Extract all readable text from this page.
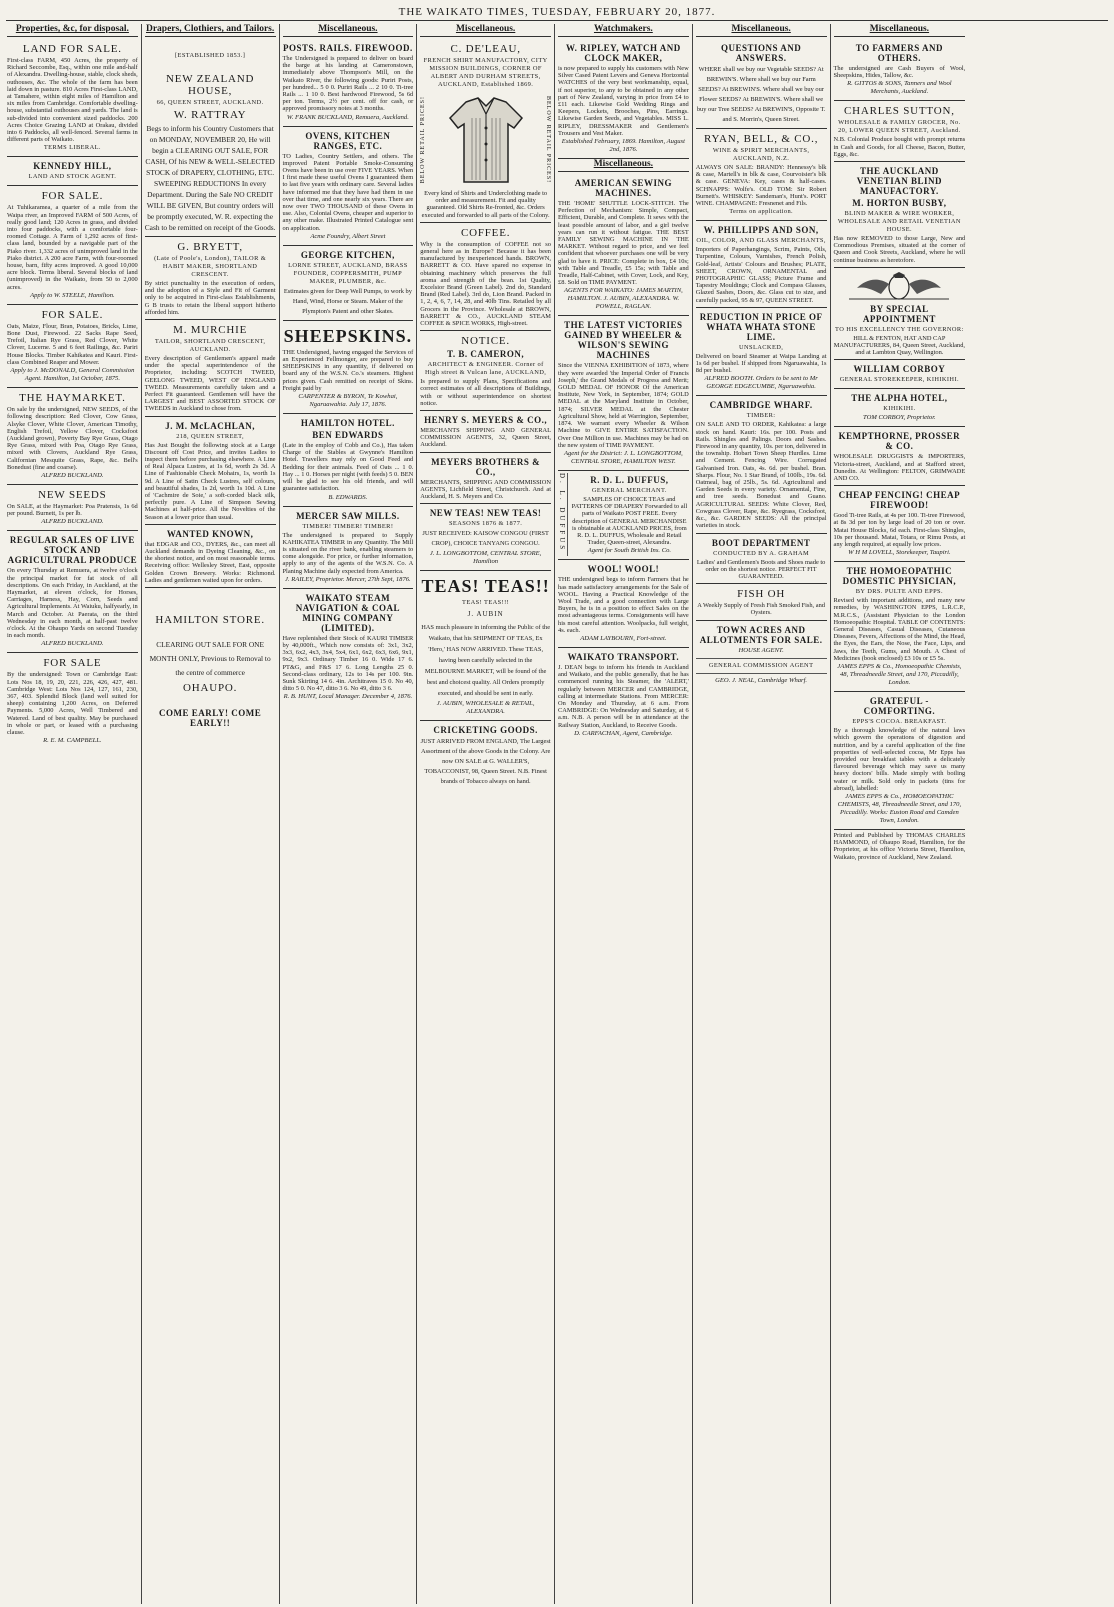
THE WAIKATO TIMES, TUESDAY, FEBRUARY 20, 1877.
Properties, &c, for disposal.
LAND FOR SALE.

First-class FARM, 450 Acres, the property of Richard Seccombe, Esq., within one mile and-half of Alexandra. Dwelling-house, stable, clock sheds, outhouses, &c. The whole of the farm has been laid down in pasture. 810 Acres First-class LAND, at Tamahere, within eight miles of Hamilton and six miles from Cambridge. Comfortable dwelling-house, substantial outhouses and yards. The land is sub-divided into convenient sized paddocks. 200 Acres Choice Grazing LAND at Orakau, divided into 6 Paddocks, all well-fenced. Several farms in different parts of Waikato.

TERMS LIBERAL.
KENNEDY HILL,
LAND AND STOCK AGENT.
FOR SALE.

At Tuhikaramea, a quarter of a mile from the Waipa river, an Improved FARM of 500 Acres, of really good land; 120 Acres in grass, and divided into four paddocks, with a comfortable four-roomed Cottage. A Farm of 1,292 acres of first-class land, bounded by a navigable part of the Piako river. 1,332 acres of unimproved land in the Piako district. A 200 acre Farm, with four-roomed house, barn, fifty acres improved. A good 10,000 acre block. Terms liberal. Several blocks of land (unimproved) in the Waikato, from 50 to 2,000 acres.

Apply to W. STEELE, Hamilton.
FOR SALE.

Oats, Maize, Flour, Bran, Potatoes, Bricks, Lime, Bone Dust, Firewood. 22 Sacks Rape Seed, Trefoil, Italian Rye Grass, Red Clover, White Clover, Lucerne. 5 and 6 feet Railings, &c. Pariri House Blocks. Timber Kahikatea and Kauri. First-class Combined Reaper and Mower.

Apply to J. McDONALD, General Commission Agent. Hamilton, 1st October, 1875.
THE HAYMARKET.

On sale by the undersigned, NEW SEEDS, of the following description: Red Clover, Cow Grass, Alsyke Clover, White Clover, American Timothy, English Trefoil, Yellow Clover, Cocksfoot (Auckland grown), Poverty Bay Rye Grass, Otago Rye Grass, mixed with Poa, Otago Rye Grass, mixed with Clovers, Auckland Rye Grass, Californian Mesquite Grass, Rape, &c. Bell's Bonedust (fine and coarse).

ALFRED BUCKLAND.
NEW SEEDS

On SALE, at the Haymarket: Poa Pratensis, 1s 6d per pound. Burnett, 1s per lb.

ALFRED BUCKLAND.
REGULAR SALES OF LIVE STOCK AND AGRICULTURAL PRODUCE

On every Thursday at Remuera, at twelve o'clock the principal market for fat stock of all descriptions. On each Friday, in Auckland, at the Haymarket, at eleven o'clock, for Horses, Carriages, Harness, Hay, Corn, Seeds and Agricultural Implements. At Waiuku, halfyearly, in March and October. At Paerata, on the third Wednesday in each month, at half-past twelve o'clock. At the Ohaupo Yards on second Tuesday in each month.

ALFRED BUCKLAND.
FOR SALE

By the undersigned: Town or Cambridge East: Lots Nos 18, 19, 20, 221, 226, 426, 427, 481. Cambridge West: Lots Nos 124, 127, 161, 230, 367, 403. Splendid Block (land well suited for sheep) containing 1,200 Acres, on Deferred Payments. 5,000 Acres, Well Timbered and Watered. Land of best quality. May be purchased in whole or part, or leased with a purchasing clause.

R. E. M. CAMPBELL.
Drapers, Clothiers, and Tailors.
[ESTABLISHED 1853.]
NEW ZEALAND HOUSE,
66, QUEEN STREET, AUCKLAND.
W. RATTRAY

Begs to inform his Country Customers that on MONDAY, NOVEMBER 20, He will begin a CLEARING OUT SALE, FOR CASH, Of his NEW & WELL-SELECTED STOCK of DRAPERY, CLOTHING, ETC. SWEEPING REDUCTIONS In every Department. During the Sale NO CREDIT WILL BE GIVEN, But country orders will be promptly executed, W. R. expecting the Cash to be remitted on receipt of the Goods.

G. BRYETT,
(Late of Poole's, London), TAILOR & HABIT MAKER, SHORTLAND CRESCENT.

By strict punctuality in the execution of orders, and the adoption of a Style and Fit of Garment only to be acquired in First-class Establishments, G B trusts to retain the liberal support hitherto afforded him.

M. MURCHIE
TAILOR, SHORTLAND CRESCENT, AUCKLAND.

Every description of Gentlemen's apparel made under the special superintendence of the Proprietor, including: SCOTCH TWEED, GEELONG TWEED, WEST OF ENGLAND TWEED. Measurements carefully taken and a Perfect Fit guaranteed. Gentlemen will have the LARGEST and BEST ASSORTED STOCK OF TWEEDS in Auckland to chose from.

J. M. McLACHLAN,
218, QUEEN STREET,

Has Just Bought the following stock at a Large Discount off Cost Price, and invites Ladies to inspect them before purchasing elsewhere. A Line of Real Alpaca Lustres, at 1s 6d, worth 2s 3d. A Line of Fashionable Check Mohairs, 1s, worth 1s 9d. A Line of Satin Check Lustres, self colours, and beautiful shades, 1s 2d, worth 1s 10d. A Line of 'Cachmire de Soie,' a soft-corded black silk, perfectly pure. A Line of Simpson Sewing Machines at half-price. All the Novelties of the Season at a lower price than usual.

WANTED KNOWN,

that EDGAR and CO., DYERS, &c., can meet all Auckland demands in Dyeing Cleaning, &c., on the shortest notice, and on most reasonable terms. Receiving office: Wellesley Street, East, opposite Golden Crown Brewery. Works: Richmond. Ladies and gentlemen waited upon for orders.

HAMILTON STORE.

CLEARING OUT SALE FOR ONE MONTH ONLY, Previous to Removal to the centre of commerce

OHAUPO.
COME EARLY! COME EARLY!!
Miscellaneous.
POSTS. RAILS. FIREWOOD.

The Undersigned is prepared to deliver on board the barge at his landing at Cameronstown, immediately above Thompson's Mill, on the Waikato River, the following goods: Puriri Posts, per hundred... 5 0 0. Puriri Rails ... 2 10 0. Ti-tree Rails ... 1 10 0. Best hardwood Firewood, 5s 6d per ton. Terms, 2½ per cent. off for cash, or approved promissory notes at 3 months.

W. FRANK BUCKLAND, Remuera, Auckland.
OVENS, KITCHEN RANGES, ETC.

TO Ladies, Country Settlers, and others. The improved Patent Portable Smoke-Consuming Ovens have been in use over FIVE YEARS. When I first made these useful Ovens I guaranteed them to last five years with ordinary care. Several ladies have informed me that they have had them in use over that time, and one nearly six years. There are now over TWO THOUSAND of these Ovens in use. Also, Colonial Ovens, cheaper and superior to any other make. Illustrated Printed Catalogue sent on application.

Acme Foundry, Albert Street
GEORGE KITCHEN,
LORNE STREET, AUCKLAND, BRASS FOUNDER, COPPERSMITH, PUMP MAKER, PLUMBER, &c.

Estimates given for Deep Well Pumps, to work by Hand, Wind, Horse or Steam. Maker of the Plympton's Patent and other Skates.

SHEEPSKINS.

THE Undersigned, having engaged the Services of an Experienced Fellmonger, are prepared to buy SHEEPSKINS in any quantity, if delivered on board any of the W.S.N. Co.'s steamers. Highest prices given. Cash remitted on receipt of Skins. Freight paid by

CARPENTER & BYRON, Te Kowhai, Ngaruawahia. July 17, 1876.
HAMILTON HOTEL.
BEN EDWARDS

(Late in the employ of Cobb and Co.), Has taken Charge of the Stables at Gwynne's Hamilton Hotel. Travellers may rely on Good Feed and Bedding for their animals. Feed of Oats ... 1 0. Hay ... 1 0. Horses per night (with feeds) 5 0. BEN will be glad to see his old friends, and will guarantee satisfaction.

B. EDWARDS.
MERCER SAW MILLS.
TIMBER! TIMBER! TIMBER!

The undersigned is prepared to Supply KAHIKATEA TIMBER in any Quantity. The Mill is situated on the river bank, enabling steamers to come alongside. For price, or further information, apply to any of the agents of the W.S.N. Co. A Planing Machine daily expected from America.

J. RAILEY, Proprietor. Mercer, 27th Sept, 1876.
WAIKATO STEAM NAVIGATION & COAL MINING COMPANY (LIMITED).

Have replenished their Stock of KAURI TIMBER by 40,000ft., Which now consists of: 3x1, 3x2, 3x3, 6x2, 4x3, 3x4, 5x4, 6x1, 6x2, 6x3, 6x6, 9x1, 9x2, 9x3. Ordinary Timber 16 0. Wide 17 6. PT&G, and F&S 17 6. Long Lengths 25 0. Second-class ordinary, 12s to 14s per 100. 9in. Sunk Skirting 14 6. 4in. Architraves 15 0. No 40, ditto 5 0. No 47, ditto 3 6. No 49, ditto 3 6.

R. B. HUNT, Local Manager. December 4, 1876.
Miscellaneous.
C. DE'LEAU,
FRENCH SHIRT MANUFACTORY, CITY MISSION BUILDINGS, CORNER OF ALBERT AND DURHAM STREETS, AUCKLAND, Established 1869.
BELOW RETAIL PRICES!	BELOW RETAIL PRICES!

Every kind of Shirts and Underclothing made to order and measurement. Fit and quality guaranteed. Old Shirts Re-fronted, &c. Orders executed and forwarded to all parts of the Colony.

COFFEE.

Why is the consumption of COFFEE not so general here as in Europe? Because it has been manufactured by inexperienced hands. BROWN, BARRETT & CO. Have spared no expense in obtaining machinery which preserves the full aroma and strength of the bean. 1st Quality, Excelsior Brand (Green Label). 2nd do, Standard Brand (Red Label). 3rd do, Lion Brand. Packed in 1, 2, 4, 6, 7, 14, 28, and 40lb Tins. Retailed by all Grocers in the Province. Wholesale at BROWN, BARRETT & CO., AUCKLAND STEAM COFFEE & SPICE WORKS, High-street.

NOTICE.
T. B. CAMERON,
ARCHITECT & ENGINEER. Corner of High street & Vulcan lane, AUCKLAND,

Is prepared to supply Plans, Specifications and correct estimates of all descriptions of Buildings, with or without superintendence on shortest notice.

HENRY S. MEYERS & CO.,

MERCHANTS SHIPPING AND GENERAL COMMISSION AGENTS, 32, Queen Street, Auckland.

MEYERS BROTHERS & CO.,

MERCHANTS, SHIPPING AND COMMISSION AGENTS, Lichfield Street, Christchurch. And at Auckland, H. S. Meyers and Co.

NEW TEAS! NEW TEAS!
SEASONS 1876 & 1877.

JUST RECEIVED: KAISOW CONGOU (FIRST CROP), CHOICE TANYANG CONGOU.

J. L. LONGBOTTOM, CENTRAL STORE, Hamilton
TEAS! TEAS!!
TEAS! TEAS!!!
J. AUBIN

HAS much pleasure in informing the Public of the Waikato, that his SHIPMENT OF TEAS, Ex 'Hero,' HAS NOW ARRIVED. These TEAS, having been carefully selected in the MELBOURNE MARKET, will be found of the best and choicest quality. All Orders promptly executed, and should be sent in early.

J. AUBIN, WHOLESALE & RETAIL, ALEXANDRA.
CRICKETING GOODS.

JUST ARRIVED FROM ENGLAND, The Largest Assortment of the above Goods in the Colony. Are now ON SALE at G. WALLER'S, TOBACCONIST, 98, Queen Street. N.B. Finest brands of Tobacco always on hand.

Watchmakers.
W. RIPLEY, WATCH AND CLOCK MAKER,

is now prepared to supply his customers with New Silver Cased Patent Levers and Geneva Horizontal WATCHES of the very best workmanship, equal, if not superior, to any to be obtained in any other part of New Zealand, varying in price from £4 to £11 each. Likewise Gold Wedding Rings and Keepers, Lockets, Brooches, Pins, Earrings. Likewise Garden Seeds, and Vegetables. MISS L. RIPLEY, DRESSMAKER and Gentlemen's Trousers and Vest Maker.

Established February, 1869. Hamilton, August 2nd, 1876.
Miscellaneous.
AMERICAN SEWING MACHINES.

THE 'HOME' SHUTTLE LOCK-STITCH. The Perfection of Mechanism: Simple, Compact, Efficient, Durable, and Complete. It sews with the least possible amount of labor, and a girl twelve years can run it without fatigue. THE BEST FAMILY SEWING MACHINE IN THE MARKET. Without regard to price, and we feel confident that whoever purchases one will be very glad to have it. PRICE: Complete in box, £4 10s; with Table and Treadle, £5 15s; with Table and Treadle, Half-Cabinet, with Cover, Lock, and Key, £8. Sold on TIME PAYMENT.

AGENTS FOR WAIKATO: JAMES MARTIN, HAMILTON. J. AUBIN, ALEXANDRA. W. POWELL, RAGLAN.
THE LATEST VICTORIES GAINED BY WHEELER & WILSON'S SEWING MACHINES

Since the VIENNA EXHIBITION of 1873, where they were awarded 'the Imperial Order of Francis Joseph,' the Grand Medals of Progress and Merit; GOLD MEDAL OF HONOR Of the American Institute, New York, in September, 1874; GOLD MEDAL at the Maryland Institute in October, 1874; SILVER MEDAL at the Chester Agricultural Show, held at Warrington, September, 1874. We warrant every Wheeler & Wilson Machine to GIVE ENTIRE SATISFACTION. Over One Million in use. Machines may be had on the new system of TIME PAYMENT.

Agent for the District: J. L. LONGBOTTOM, CENTRAL STORE, HAMILTON WEST.
D. L. DUFFUS	R. D. L. DUFFUS,
GENERAL MERCHANT.

SAMPLES OF CHOICE TEAS and PATTERNS OF DRAPERY Forwarded to all parts of Waikato POST FREE. Every description of GENERAL MERCHANDISE is obtainable at AUCKLAND PRICES, from R. D. L. DUFFUS, Wholesale and Retail Trader, Queen-street, Alexandra.

Agent for South British Ins. Co.
WOOL! WOOL!

THE undersigned begs to inform Farmers that he has made satisfactory arrangements for the Sale of WOOL. Having a Practical Knowledge of the Wool Trade, and a good connection with Large Buyers, he is in a position to effect Sales on the most advantageous terms. Consignments will have his most careful attention. Woolpacks, full weight, 4s. each.

ADAM LAYBOURN, Fort-street.
WAIKATO TRANSPORT.

J. DEAN begs to inform his friends in Auckland and Waikato, and the public generally, that he has commenced running his Steamer, the 'ALERT,' regularly between MERCER and CAMBRIDGE, calling at intermediate Stations. From MERCER: On Monday and Thursday, at 6 a.m. From CAMBRIDGE: On Wednesday and Saturday, at 6 a.m. N.B. A person will be in attendance at the Railway Station, Auckland, to Receive Goods.

D. CARFACHAN, Agent, Cambridge.
Miscellaneous.
QUESTIONS AND ANSWERS.

WHERE shall we buy our Vegetable SEEDS? At BREWIN'S. Where shall we buy our Farm SEEDS? At BREWIN'S. Where shall we buy our Flower SEEDS? At BREWIN'S. Where shall we buy our Tree SEEDS? At BREWIN'S, Opposite T. and S. Morrin's, Queen Street.

RYAN, BELL, & CO.,
WINE & SPIRIT MERCHANTS, AUCKLAND, N.Z.

ALWAYS ON SALE: BRANDY: Hennessy's blk & case, Martell's in blk & case, Courvoisier's blk & case. GENEVA: Key, cases & half-cases. SCHNAPPS: Wolfe's. OLD TOM: Sir Robert Burnett's. WHISKEY: Sandeman's, Hunt's. PORT WINE. CHAMPAGNE: Fresnenet and Fils.

Terms on application.
W. PHILLIPPS AND SON,
OIL, COLOR, AND GLASS MERCHANTS,

Importers of Paperhangings, Scrim, Paints, Oils, Turpentine, Colours, Varnishes, French Polish, Gold-leaf, Artists' Colours and Brushes; PLATE, SHEET, CROWN, ORNAMENTAL and PHOTOGRAPHIC GLASS; Picture Frame and Tapestry Mouldings; Clock and Compass Glasses, Glazed Sashes, Doors, &c. Glass cut to size, and carefully packed, 95 & 97, QUEEN STREET.

REDUCTION IN PRICE OF WHATA WHATA STONE LIME.
UNSLACKED,

Delivered on board Steamer at Waipa Landing at 1s 6d per bushel. If shipped from Ngaruawahia, 1s 8d per bushel.

ALFRED BOOTH. Orders to be sent to Mr GEORGE EDGECUMBE, Ngaruawahia.
CAMBRIDGE WHARF.
TIMBER:

ON SALE AND TO ORDER, Kahikatea: a large stock on hand. Kauri: 16s. per 100. Posts and Rails. Shingles and Palings. Doors and Sashes. Firewood in any quantity, 10s. per ton, delivered in the township. Hobart Town Sheep Hurdles. Lime and Cement. Fencing Wire. Corrugated Galvanised Iron. Oats, 4s. 6d. per bushel. Bran. Sharps. Flour, No. 1 Star Brand, of 100lb., 19s. 6d. Oatmeal, bag of 25lb., 5s. 6d. Agricultural and Garden Seeds in every variety. Ornamental, Fine, and tree seeds. Bonedust and Guano. AGRICULTURAL SEEDS: White Clover, Red, Cowgrass Clover, Rape, &c. Ryegrass, Cocksfoot, &c., &c. GARDEN SEEDS: All the principal varieties in stock.

BOOT DEPARTMENT
CONDUCTED BY A. GRAHAM

Ladies' and Gentlemen's Boots and Shoes made to order on the shortest notice. PERFECT FIT GUARANTEED.

FISH OH

A Weekly Supply of Fresh Fish Smoked Fish, and Oysters.

TOWN ACRES AND ALLOTMENTS FOR SALE.
HOUSE AGENT.
GENERAL COMMISSION AGENT
GEO. J. NEAL, Cambridge Wharf.
Miscellaneous.
TO FARMERS AND OTHERS.

The undersigned are Cash Buyers of Wool, Sheepskins, Hides, Tallow, &c.

R. GITTOS & SONS, Tanners and Wool Merchants, Auckland.
CHARLES SUTTON,
WHOLESALE & FAMILY GROCER, No. 20, LOWER QUEEN STREET, Auckland.

N.B. Colonial Produce bought with prompt returns in Cash and Goods, for all Cheese, Bacon, Butter, Eggs, &c.

THE AUCKLAND VENETIAN BLIND MANUFACTORY.
M. HORTON BUSBY,
BLIND MAKER & WIRE WORKER, WHOLESALE AND RETAIL VENETIAN HOUSE.

Has now REMOVED to those Large, New and Commodious Premises, situated at the corner of Queen and Cook Streets, Auckland, where he will continue business as heretofore.

BY SPECIAL APPOINTMENT
TO HIS EXCELLENCY THE GOVERNOR:

HILL & FENTON, HAT AND CAP MANUFACTURERS, 84, Queen Street, Auckland, and at Lambton Quay, Wellington.

WILLIAM CORBOY
GENERAL STOREKEEPER, KIHIKIHI.
THE ALPHA HOTEL,
KIHIKIHI.
TOM CORBOY, Proprietor.
KEMPTHORNE, PROSSER & CO.

WHOLESALE DRUGGISTS & IMPORTERS, Victoria-street, Auckland, and at Stafford street, Dunedin. At Wellington: FELTON, GRIMWADE AND CO.

CHEAP FENCING! CHEAP FIREWOOD!

Good Ti-tree Rails, at 4s per 100. Ti-tree Firewood, at 8s 3d per ton by large load of 20 ton or over. Matai House Blocks, 6d each. First-class Shingles, 10s per thousand. Matai, Totara, or Rimu Posts, at any length required, at equally low prices.

W H M LOVELL, Storekeeper, Taupiri.
THE HOMOEOPATHIC DOMESTIC PHYSICIAN,
BY DRS. PULTE AND EPPS.

Revised with important additions, and many new remedies, by WASHINGTON EPPS, L.R.C.P., M.R.C.S., (Assistant Physician to the London Homoeopathic Hospital. TABLE OF CONTENTS: General Diseases, Casual Diseases, Cutaneous Diseases, Fevers, Affections of the Mind, the Head, the Eyes, the Ears, the Nose, the Face, Lips, and Jaws, the Teeth, Gums, and Mouth. A Chest of Medicines (book enclosed) £3 10s or £5 5s.

JAMES EPPS & Co., Homoeopathic Chemists, 48, Threadneedle Street, and 170, Piccadilly, London.
GRATEFUL - COMFORTING.
EPPS'S COCOA. BREAKFAST.

By a thorough knowledge of the natural laws which govern the operations of digestion and nutrition, and by a careful application of the fine properties of well-selected cocoa, Mr Epps has provided our breakfast tables with a delicately flavoured beverage which may save us many heavy doctors' bills. Made simply with boiling water or milk. Sold only in packets (tins for abroad), labelled:

JAMES EPPS & Co., HOMOEOPATHIC CHEMISTS, 48, Threadneedle Street, and 170, Piccadilly. Works: Euston Road and Camden Town, London.

Printed and Published by THOMAS CHARLES HAMMOND, of Ohaupo Road, Hamilton, for the Proprietor, at his office Victoria Street, Hamilton, Waikato, province of Auckland, New Zealand.
